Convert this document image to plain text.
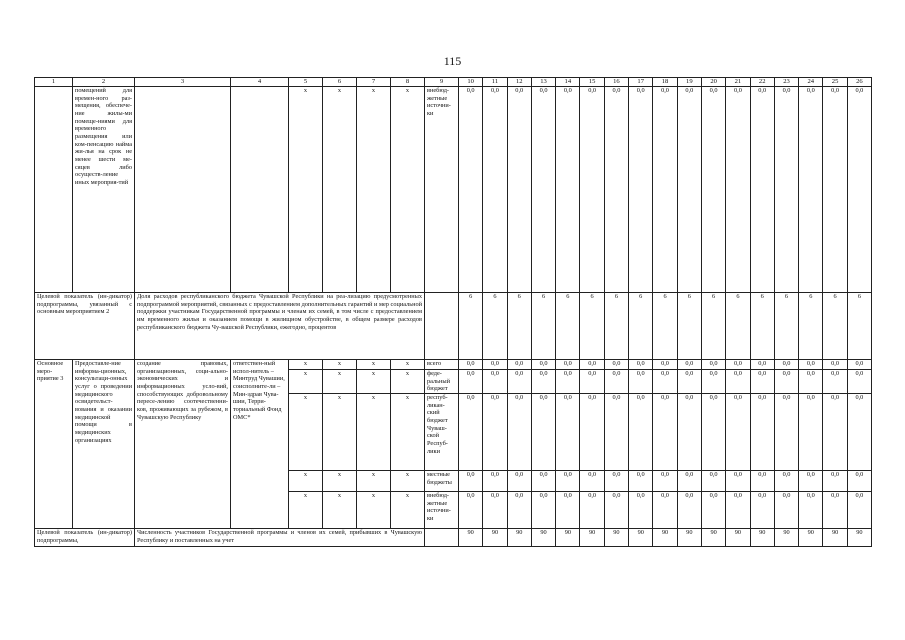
115
1	2	3	4	5	6	7	8	9	10	11	12	13	14	15	16	17	18	19	20	21	22	23	24	25	26
	помещений для времен-ного раз-мещения, обеспече-ние жилы-ми помеще-ниями для временного размещения или ком-пенсацию найма жи-лья на срок не менее шести ме-сяцев либо осуществ-ление иных мероприя-тий			x	x	x	x	внебюд-жетные источни-ки	0,0	0,0	0,0	0,0	0,0	0,0	0,0	0,0	0,0	0,0	0,0	0,0	0,0	0,0	0,0	0,0	0,0
Целевой показатель (ин-дикатор) подпрограммы, увязанный с основным мероприятием 2		Доля расходов республиканского бюджета Чувашской Республики на реа-лизацию предусмотренных подпрограммой мероприятий, связанных с предоставлением дополнительных гарантий и мер социальной поддержки участникам Государственной программы и членам их семей, в том числе с предоставлением им временного жилья и оказанием помощи в жилищном обустройстве, в общем размере расходов республиканского бюджета Чу-вашской Республики, ежегодно, процентов							6	6	6	6	6	6	6	6	6	6	6	6	6	6	6	6	6
Основное меро-приятие 3	Предоставле-ние информа-ционных, консультаци-онных услуг о проведении медицинского освидетельст-вования и оказании медицинской помощи в медицинских организациях	создание правовых, организационных, соци-ально-экономических и информационных усло-вий, способствующих добровольному пересе-лению соотечественни-ков, проживающих за рубежом, в Чувашскую Республику	ответствен-ный испол-нитель – Минтруд Чувашии, соисполните-ли – Мин-здрав Чува-шии, Терри-ториальный Фонд ОМС*	x	x	x	x	всего	0,0	0,0	0,0	0,0	0,0	0,0	0,0	0,0	0,0	0,0	0,0	0,0	0,0	0,0	0,0	0,0	0,0
				x	x	x	x	феде-ральный бюджет	0,0	0,0	0,0	0,0	0,0	0,0	0,0	0,0	0,0	0,0	0,0	0,0	0,0	0,0	0,0	0,0	0,0
				x	x	x	x	респуб-ликан-ский бюджет Чуваш-ской Респуб-лики	0,0	0,0	0,0	0,0	0,0	0,0	0,0	0,0	0,0	0,0	0,0	0,0	0,0	0,0	0,0	0,0	0,0
				x	x	x	x	местные бюджеты	0,0	0,0	0,0	0,0	0,0	0,0	0,0	0,0	0,0	0,0	0,0	0,0	0,0	0,0	0,0	0,0	0,0
				x	x	x	x	внебюд-жетные источни-ки	0,0	0,0	0,0	0,0	0,0	0,0	0,0	0,0	0,0	0,0	0,0	0,0	0,0	0,0	0,0	0,0	0,0
Целевой показатель (ин-дикатор) подпрограммы,		Численность участников Государственной программы и членов их семей, прибывших в Чувашскую Республику и поставленных на учет							90	90	90	90	90	90	90	90	90	90	90	90	90	90	90	90	90
